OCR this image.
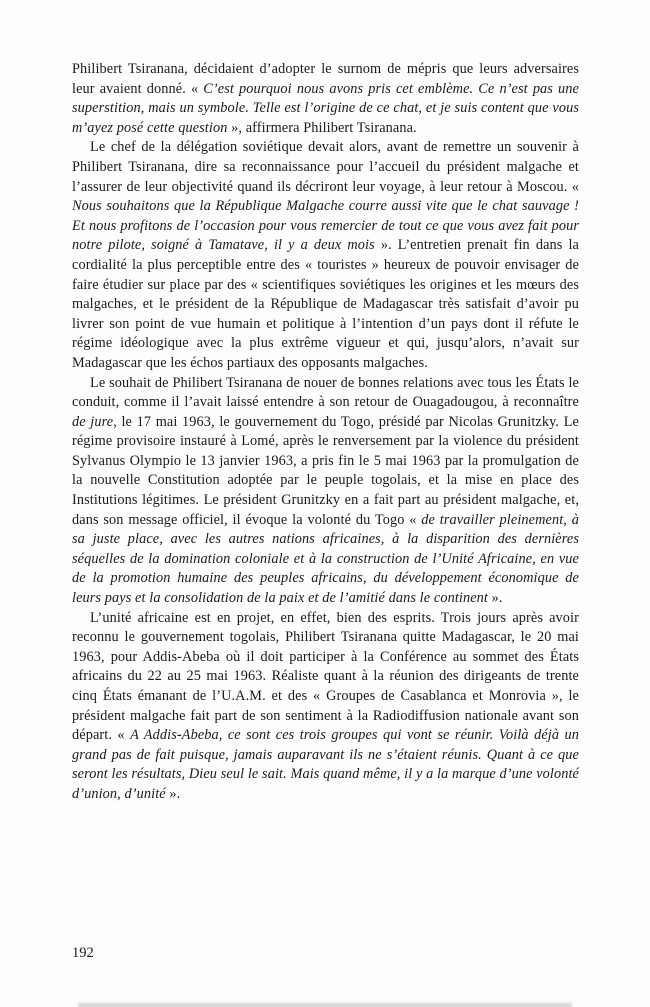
Philibert Tsiranana, décidaient d’adopter le surnom de mépris que leurs adversaires leur avaient donné. « C’est pourquoi nous avons pris cet emblème. Ce n’est pas une superstition, mais un symbole. Telle est l’origine de ce chat, et je suis content que vous m’ayez posé cette question », affirmera Philibert Tsiranana.

Le chef de la délégation soviétique devait alors, avant de remettre un souvenir à Philibert Tsiranana, dire sa reconnaissance pour l’accueil du président malgache et l’assurer de leur objectivité quand ils décriront leur voyage, à leur retour à Moscou. « Nous souhaitons que la République Malgache courre aussi vite que le chat sauvage ! Et nous profitons de l’occasion pour vous remercier de tout ce que vous avez fait pour notre pilote, soigné à Tamatave, il y a deux mois ». L’entretien prenait fin dans la cordialité la plus perceptible entre des « touristes » heureux de pouvoir envisager de faire étudier sur place par des « scientifiques soviétiques les origines et les mœurs des malgaches, et le président de la République de Madagascar très satisfait d’avoir pu livrer son point de vue humain et politique à l’intention d’un pays dont il réfute le régime idéologique avec la plus extrême vigueur et qui, jusqu’alors, n’avait sur Madagascar que les échos partiaux des opposants malgaches.

Le souhait de Philibert Tsiranana de nouer de bonnes relations avec tous les États le conduit, comme il l’avait laissé entendre à son retour de Ouagadougou, à reconnaître de jure, le 17 mai 1963, le gouvernement du Togo, présidé par Nicolas Grunitzky. Le régime provisoire instauré à Lomé, après le renversement par la violence du président Sylvanus Olympio le 13 janvier 1963, a pris fin le 5 mai 1963 par la promulgation de la nouvelle Constitution adoptée par le peuple togolais, et la mise en place des Institutions légitimes. Le président Grunitzky en a fait part au président malgache, et, dans son message officiel, il évoque la volonté du Togo « de travailler pleinement, à sa juste place, avec les autres nations africaines, à la disparition des dernières séquelles de la domination coloniale et à la construction de l’Unité Africaine, en vue de la promotion humaine des peuples africains, du développement économique de leurs pays et la consolidation de la paix et de l’amitié dans le continent ».

L’unité africaine est en projet, en effet, bien des esprits. Trois jours après avoir reconnu le gouvernement togolais, Philibert Tsiranana quitte Madagascar, le 20 mai 1963, pour Addis-Abeba où il doit participer à la Conférence au sommet des États africains du 22 au 25 mai 1963. Réaliste quant à la réunion des dirigeants de trente cinq États émanant de l’U.A.M. et des « Groupes de Casablanca et Monrovia », le président malgache fait part de son sentiment à la Radiodiffusion nationale avant son départ. « A Addis-Abeba, ce sont ces trois groupes qui vont se réunir. Voilà déjà un grand pas de fait puisque, jamais auparavant ils ne s’étaient réunis. Quant à ce que seront les résultats, Dieu seul le sait. Mais quand même, il y a la marque d’une volonté d’union, d’unité ».

192
